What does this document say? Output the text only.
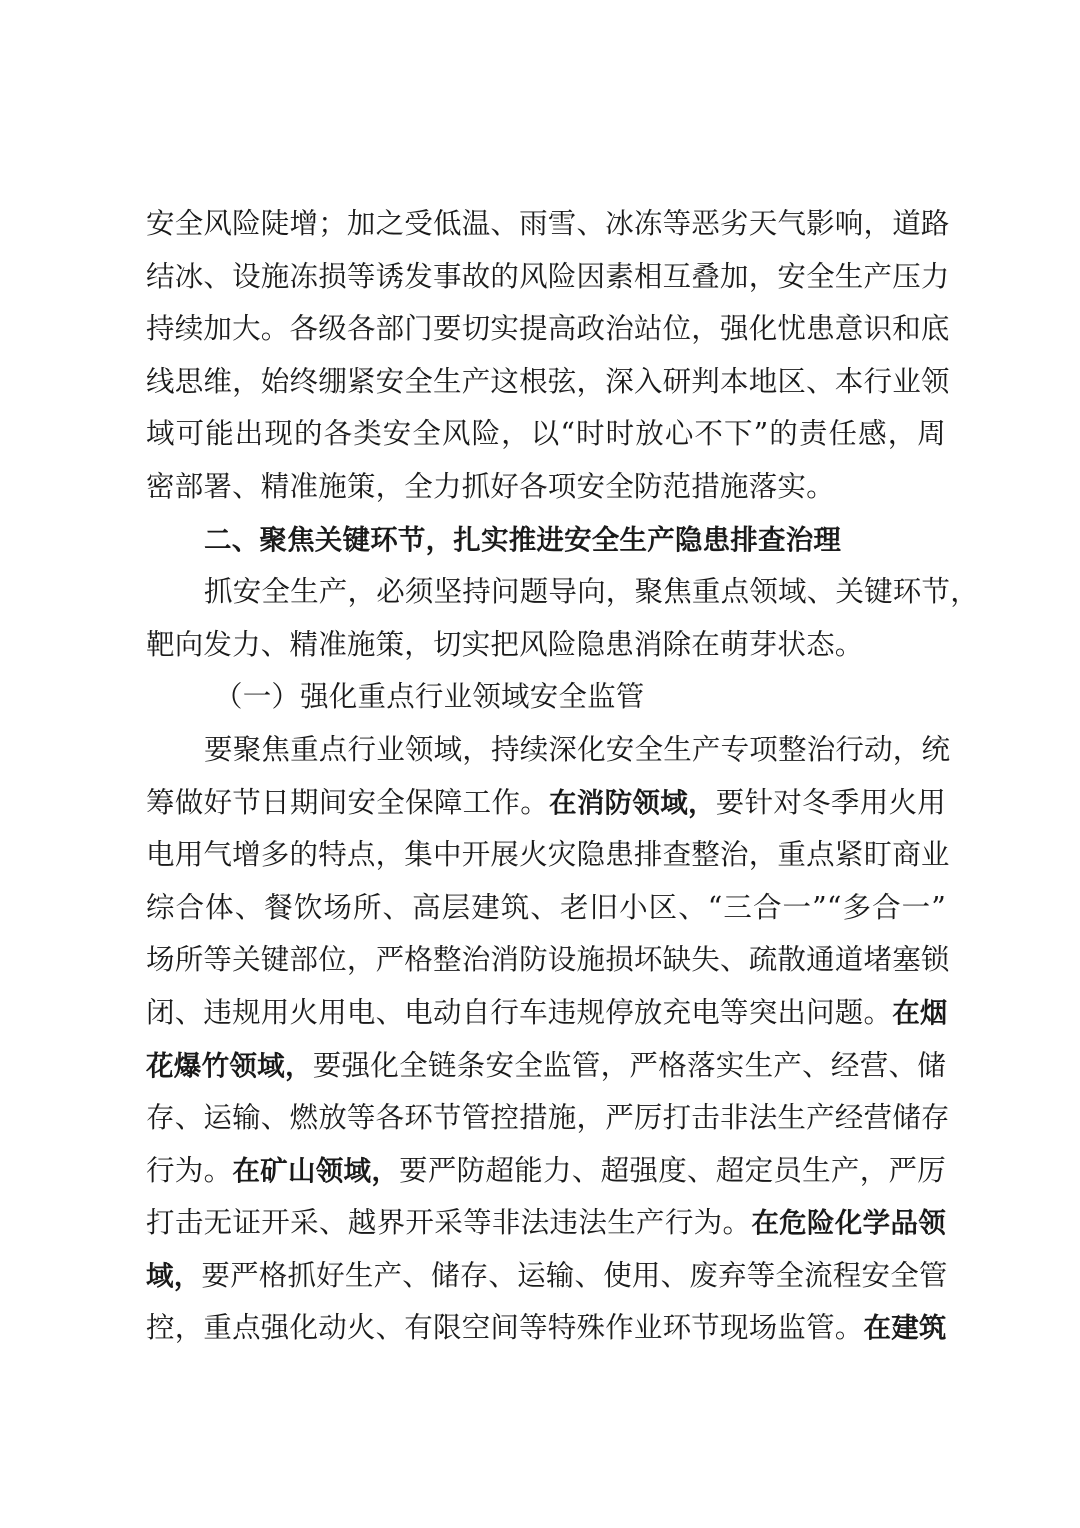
安全风险陡增；加之受低温、雨雪、冰冻等恶劣天气影响，道路
结冰、设施冻损等诱发事故的风险因素相互叠加，安全生产压力
持续加大。各级各部门要切实提高政治站位，强化忧患意识和底
线思维，始终绷紧安全生产这根弦，深入研判本地区、本行业领
域可能出现的各类安全风险，以“时时放心不下”的责任感，周
密部署、精准施策，全力抓好各项安全防范措施落实。
二、聚焦关键环节，扎实推进安全生产隐患排查治理
抓安全生产，必须坚持问题导向，聚焦重点领域、关键环节，
靶向发力、精准施策，切实把风险隐患消除在萌芽状态。
（一）强化重点行业领域安全监管
要聚焦重点行业领域，持续深化安全生产专项整治行动，统
筹做好节日期间安全保障工作。在消防领域，要针对冬季用火用
电用气增多的特点，集中开展火灾隐患排查整治，重点紧盯商业
综合体、餐饮场所、高层建筑、老旧小区、“三合一”“多合一”
场所等关键部位，严格整治消防设施损坏缺失、疏散通道堵塞锁
闭、违规用火用电、电动自行车违规停放充电等突出问题。在烟
花爆竹领域，要强化全链条安全监管，严格落实生产、经营、储
存、运输、燃放等各环节管控措施，严厉打击非法生产经营储存
行为。在矿山领域，要严防超能力、超强度、超定员生产，严厉
打击无证开采、越界开采等非法违法生产行为。在危险化学品领
域，要严格抓好生产、储存、运输、使用、废弃等全流程安全管
控，重点强化动火、有限空间等特殊作业环节现场监管。在建筑
